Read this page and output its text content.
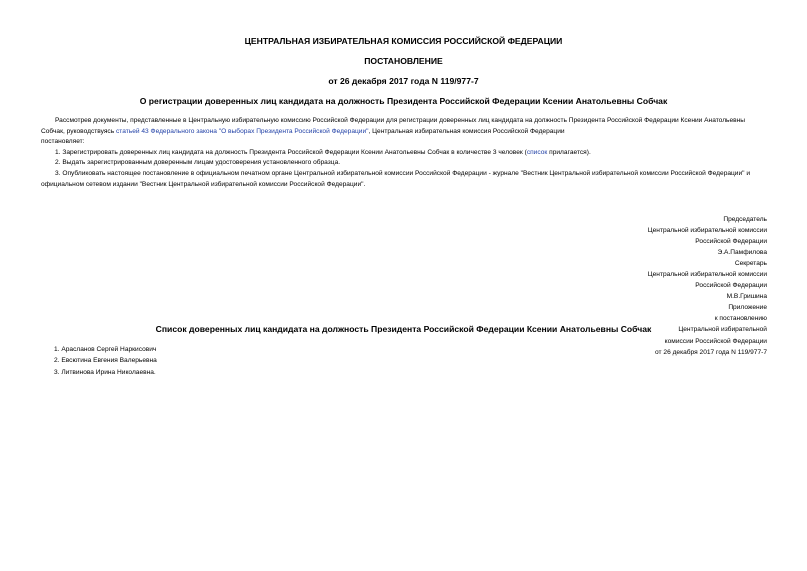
ЦЕНТРАЛЬНАЯ ИЗБИРАТЕЛЬНАЯ КОМИССИЯ РОССИЙСКОЙ ФЕДЕРАЦИИ
ПОСТАНОВЛЕНИЕ
от 26 декабря 2017 года N 119/977-7
О регистрации доверенных лиц кандидата на должность Президента Российской Федерации Ксении Анатольевны Собчак

Рассмотрев документы, представленные в Центральную избирательную комиссию Российской Федерации для регистрации доверенных лиц кандидата на должность Президента Российской Федерации Ксении Анатольевны Собчак, руководствуясь статьей 43 Федерального закона "О выборах Президента Российской Федерации", Центральная избирательная комиссия Российской Федерации

постановляет:

1. Зарегистрировать доверенных лиц кандидата на должность Президента Российской Федерации Ксении Анатольевны Собчак в количестве 3 человек (список прилагается).

2. Выдать зарегистрированным доверенным лицам удостоверения установленного образца.

3. Опубликовать настоящее постановление в официальном печатном органе Центральной избирательной комиссии Российской Федерации - журнале "Вестник Центральной избирательной комиссии Российской Федерации" и официальном сетевом издании "Вестник Центральной избирательной комиссии Российской Федерации".

Председатель
Центральной избирательной комиссии
Российской Федерации
Э.А.Памфилова
Секретарь
Центральной избирательной комиссии
Российской Федерации
М.В.Гришина
Приложение
к постановлению
Центральной избирательной
комиссии Российской Федерации
от 26 декабря 2017 года N 119/977-7
Список доверенных лиц кандидата на должность Президента Российской Федерации Ксении Анатольевны Собчак
1. Арасланов Сергей Наркисович
2. Евсютина Евгения Валерьевна
3. Литвинова Ирина Николаевна.
